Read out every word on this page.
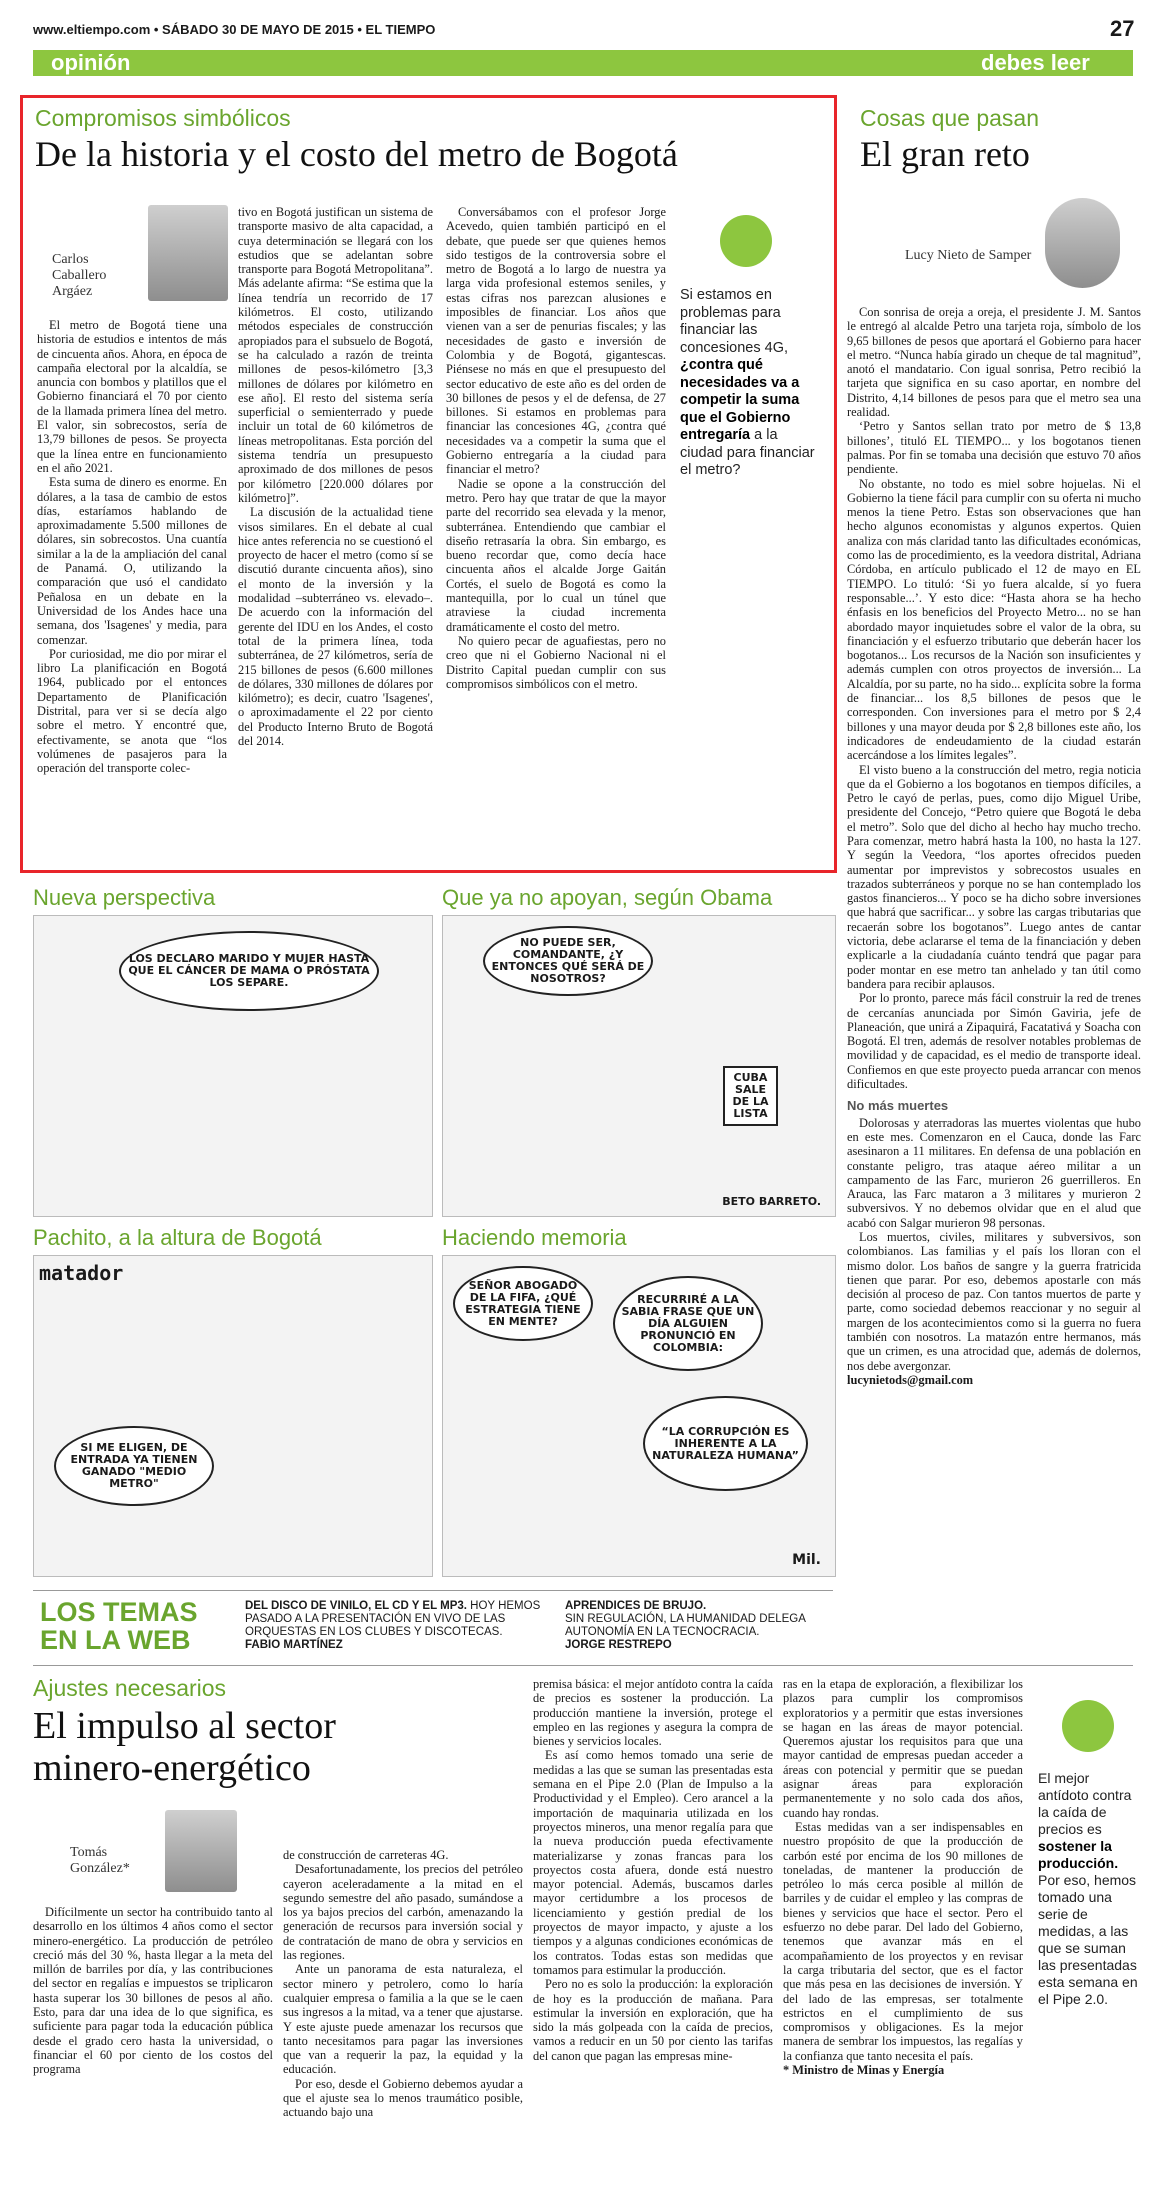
www.eltiempo.com • SÁBADO 30 DE MAYO DE 2015 • EL TIEMPO	27
opinión	debes leer
Compromisos simbólicos
De la historia y el costo del metro de Bogotá
Carlos Caballero Argáez

El metro de Bogotá tiene una historia de estudios e intentos de más de cincuenta años. Ahora, en época de campaña electoral por la alcaldía, se anuncia con bombos y platillos que el Gobierno financiará el 70 por ciento de la llamada primera línea del metro. El valor, sin sobrecostos, sería de 13,79 billones de pesos. Se proyecta que la línea entre en funcionamiento en el año 2021.

Esta suma de dinero es enorme. En dólares, a la tasa de cambio de estos días, estaríamos hablando de aproximadamente 5.500 millones de dólares, sin sobrecostos. Una cuantía similar a la de la ampliación del canal de Panamá. O, utilizando la comparación que usó el candidato Peñalosa en un debate en la Universidad de los Andes hace una semana, dos 'Isagenes' y media, para comenzar.

Por curiosidad, me dio por mirar el libro La planificación en Bogotá 1964, publicado por el entonces Departamento de Planificación Distrital, para ver si se decía algo sobre el metro. Y encontré que, efectivamente, se anota que “los volúmenes de pasajeros para la operación del transporte colec-

tivo en Bogotá justifican un sistema de transporte masivo de alta capacidad, a cuya determinación se llegará con los estudios que se adelantan sobre transporte para Bogotá Metropolitana”. Más adelante afirma: “Se estima que la línea tendría un recorrido de 17 kilómetros. El costo, utilizando métodos especiales de construcción apropiados para el subsuelo de Bogotá, se ha calculado a razón de treinta millones de pesos-kilómetro [3,3 millones de dólares por kilómetro en ese año]. El resto del sistema sería superficial o semienterrado y puede incluir un total de 60 kilómetros de líneas metropolitanas. Esta porción del sistema tendría un presupuesto aproximado de dos millones de pesos por kilómetro [220.000 dólares por kilómetro]”.

La discusión de la actualidad tiene visos similares. En el debate al cual hice antes referencia no se cuestionó el proyecto de hacer el metro (como sí se discutió durante cincuenta años), sino el monto de la inversión y la modalidad –subterráneo vs. elevado–. De acuerdo con la información del gerente del IDU en los Andes, el costo total de la primera línea, toda subterránea, de 27 kilómetros, sería de 215 billones de pesos (6.600 millones de dólares, 330 millones de dólares por kilómetro); es decir, cuatro 'Isagenes', o aproximadamente el 22 por ciento del Producto Interno Bruto de Bogotá del 2014.

Conversábamos con el profesor Jorge Acevedo, quien también participó en el debate, que puede ser que quienes hemos sido testigos de la controversia sobre el metro de Bogotá a lo largo de nuestra ya larga vida profesional estemos seniles, y estas cifras nos parezcan alusiones e imposibles de financiar. Los años que vienen van a ser de penurias fiscales; y las necesidades de gasto e inversión de Colombia y de Bogotá, gigantescas. Piénsese no más en que el presupuesto del sector educativo de este año es del orden de 30 billones de pesos y el de defensa, de 27 billones. Si estamos en problemas para financiar las concesiones 4G, ¿contra qué necesidades va a competir la suma que el Gobierno entregaría a la ciudad para financiar el metro?

Nadie se opone a la construcción del metro. Pero hay que tratar de que la mayor parte del recorrido sea elevada y la menor, subterránea. Entendiendo que cambiar el diseño retrasaría la obra. Sin embargo, es bueno recordar que, como decía hace cincuenta años el alcalde Jorge Gaitán Cortés, el suelo de Bogotá es como la mantequilla, por lo cual un túnel que atraviese la ciudad incrementa dramáticamente el costo del metro.

No quiero pecar de aguafiestas, pero no creo que ni el Gobierno Nacional ni el Distrito Capital puedan cumplir con sus compromisos simbólicos con el metro.

Si estamos en problemas para financiar las concesiones 4G, ¿contra qué necesidades va a competir la suma que el Gobierno entregaría a la ciudad para financiar el metro?
Cosas que pasan
El gran reto
Lucy Nieto de Samper

Con sonrisa de oreja a oreja, el presidente J. M. Santos le entregó al alcalde Petro una tarjeta roja, símbolo de los 9,65 billones de pesos que aportará el Gobierno para hacer el metro. “Nunca había girado un cheque de tal magnitud”, anotó el mandatario. Con igual sonrisa, Petro recibió la tarjeta que significa en su caso aportar, en nombre del Distrito, 4,14 billones de pesos para que el metro sea una realidad.

‘Petro y Santos sellan trato por metro de $ 13,8 billones’, tituló EL TIEMPO... y los bogotanos tienen palmas. Por fin se tomaba una decisión que estuvo 70 años pendiente.

No obstante, no todo es miel sobre hojuelas. Ni el Gobierno la tiene fácil para cumplir con su oferta ni mucho menos la tiene Petro. Estas son observaciones que han hecho algunos economistas y algunos expertos. Quien analiza con más claridad tanto las dificultades económicas, como las de procedimiento, es la veedora distrital, Adriana Córdoba, en artículo publicado el 12 de mayo en EL TIEMPO. Lo tituló: ‘Si yo fuera alcalde, sí yo fuera responsable...’. Y esto dice: “Hasta ahora se ha hecho énfasis en los beneficios del Proyecto Metro... no se han abordado mayor inquietudes sobre el valor de la obra, su financiación y el esfuerzo tributario que deberán hacer los bogotanos... Los recursos de la Nación son insuficientes y además cumplen con otros proyectos de inversión... La Alcaldía, por su parte, no ha sido... explícita sobre la forma de financiar... los 8,5 billones de pesos que le corresponden. Con inversiones para el metro por $ 2,4 billones y una mayor deuda por $ 2,8 billones este año, los indicadores de endeudamiento de la ciudad estarán acercándose a los límites legales”.

El visto bueno a la construcción del metro, regia noticia que da el Gobierno a los bogotanos en tiempos difíciles, a Petro le cayó de perlas, pues, como dijo Miguel Uribe, presidente del Concejo, “Petro quiere que Bogotá le deba el metro”. Solo que del dicho al hecho hay mucho trecho. Para comenzar, metro habrá hasta la 100, no hasta la 127. Y según la Veedora, “los aportes ofrecidos pueden aumentar por imprevistos y sobrecostos usuales en trazados subterráneos y porque no se han contemplado los gastos financieros... Y poco se ha dicho sobre inversiones que habrá que sacrificar... y sobre las cargas tributarias que recaerán sobre los bogotanos”. Luego antes de cantar victoria, debe aclararse el tema de la financiación y deben explicarle a la ciudadanía cuánto tendrá que pagar para poder montar en ese metro tan anhelado y tan útil como bandera para recibir aplausos.

Por lo pronto, parece más fácil construir la red de trenes de cercanías anunciada por Simón Gaviria, jefe de Planeación, que unirá a Zipaquirá, Facatativá y Soacha con Bogotá. El tren, además de resolver notables problemas de movilidad y de capacidad, es el medio de transporte ideal. Confiemos en que este proyecto pueda arrancar con menos dificultades.

No más muertes

Dolorosas y aterradoras las muertes violentas que hubo en este mes. Comenzaron en el Cauca, donde las Farc asesinaron a 11 militares. En defensa de una población en constante peligro, tras ataque aéreo militar a un campamento de las Farc, murieron 26 guerrilleros. En Arauca, las Farc mataron a 3 militares y murieron 2 subversivos. Y no debemos olvidar que en el alud que acabó con Salgar murieron 98 personas.

Los muertos, civiles, militares y subversivos, son colombianos. Las familias y el país los lloran con el mismo dolor. Los baños de sangre y la guerra fratricida tienen que parar. Por eso, debemos apostarle con más decisión al proceso de paz. Con tantos muertos de parte y parte, como sociedad debemos reaccionar y no seguir al margen de los acontecimientos como si la guerra no fuera también con nosotros. La matazón entre hermanos, más que un crimen, es una atrocidad que, además de dolernos, nos debe avergonzar.

lucynietods@gmail.com
Nueva perspectiva
LOS DECLARO MARIDO Y MUJER HASTA QUE EL CÁNCER DE MAMA O PRÓSTATA LOS SEPARE.
Que ya no apoyan, según Obama
NO PUEDE SER, COMANDANTE, ¿Y ENTONCES QUÉ SERÁ DE NOSOTROS?
CUBA SALE DE LA LISTA
BETO BARRETO.
Pachito, a la altura de Bogotá
matador
SI ME ELIGEN, DE ENTRADA YA TIENEN GANADO "MEDIO METRO"
Haciendo memoria
SEÑOR ABOGADO DE LA FIFA, ¿QUÉ ESTRATEGIA TIENE EN MENTE?
RECURRIRÉ A LA SABIA FRASE QUE UN DÍA ALGUIEN PRONUNCIÓ EN COLOMBIA:
“LA CORRUPCIÓN ES INHERENTE A LA NATURALEZA HUMANA”
Mil.
LOS TEMAS
EN LA WEB
DEL DISCO DE VINILO, EL CD Y EL MP3. HOY HEMOS PASADO A LA PRESENTACIÓN EN VIVO DE LAS ORQUESTAS EN LOS CLUBES Y DISCOTECAS.
FABIO MARTÍNEZ
APRENDICES DE BRUJO.
SIN REGULACIÓN, LA HUMANIDAD DELEGA AUTONOMÍA EN LA TECNOCRACIA.
JORGE RESTREPO
Ajustes necesarios
El impulso al sector minero-energético
Tomás González*

Difícilmente un sector ha contribuido tanto al desarrollo en los últimos 4 años como el sector minero-energético. La producción de petróleo creció más del 30 %, hasta llegar a la meta del millón de barriles por día, y las contribuciones del sector en regalías e impuestos se triplicaron hasta superar los 30 billones de pesos al año. Esto, para dar una idea de lo que significa, es suficiente para pagar toda la educación pública desde el grado cero hasta la universidad, o financiar el 60 por ciento de los costos del programa

de construcción de carreteras 4G.

Desafortunadamente, los precios del petróleo cayeron aceleradamente a la mitad en el segundo semestre del año pasado, sumándose a los ya bajos precios del carbón, amenazando la generación de recursos para inversión social y de contratación de mano de obra y servicios en las regiones.

Ante un panorama de esta naturaleza, el sector minero y petrolero, como lo haría cualquier empresa o familia a la que se le caen sus ingresos a la mitad, va a tener que ajustarse. Y este ajuste puede amenazar los recursos que tanto necesitamos para pagar las inversiones que van a requerir la paz, la equidad y la educación.

Por eso, desde el Gobierno debemos ayudar a que el ajuste sea lo menos traumático posible, actuando bajo una

premisa básica: el mejor antídoto contra la caída de precios es sostener la producción. La producción mantiene la inversión, protege el empleo en las regiones y asegura la compra de bienes y servicios locales.

Es así como hemos tomado una serie de medidas a las que se suman las presentadas esta semana en el Pipe 2.0 (Plan de Impulso a la Productividad y el Empleo). Cero arancel a la importación de maquinaria utilizada en los proyectos mineros, una menor regalía para que la nueva producción pueda efectivamente materializarse y zonas francas para los proyectos costa afuera, donde está nuestro mayor potencial. Además, buscamos darles mayor certidumbre a los procesos de licenciamiento y gestión predial de los proyectos de mayor impacto, y ajuste a los tiempos y a algunas condiciones económicas de los contratos. Todas estas son medidas que tomamos para estimular la producción.

Pero no es solo la producción: la exploración de hoy es la producción de mañana. Para estimular la inversión en exploración, que ha sido la más golpeada con la caída de precios, vamos a reducir en un 50 por ciento las tarifas del canon que pagan las empresas mine-

ras en la etapa de exploración, a flexibilizar los plazos para cumplir los compromisos exploratorios y a permitir que estas inversiones se hagan en las áreas de mayor potencial. Queremos ajustar los requisitos para que una mayor cantidad de empresas puedan acceder a áreas con potencial y permitir que se puedan asignar áreas para exploración permanentemente y no solo cada dos años, cuando hay rondas.

Estas medidas van a ser indispensables en nuestro propósito de que la producción de carbón esté por encima de los 90 millones de toneladas, de mantener la producción de petróleo lo más cerca posible al millón de barriles y de cuidar el empleo y las compras de bienes y servicios que hace el sector. Pero el esfuerzo no debe parar. Del lado del Gobierno, tenemos que avanzar más en el acompañamiento de los proyectos y en revisar la carga tributaria del sector, que es el factor que más pesa en las decisiones de inversión. Y del lado de las empresas, ser totalmente estrictos en el cumplimiento de sus compromisos y obligaciones. Es la mejor manera de sembrar los impuestos, las regalías y la confianza que tanto necesita el país.

* Ministro de Minas y Energía
El mejor antídoto contra la caída de precios es sostener la producción. Por eso, hemos tomado una serie de medidas, a las que se suman las presentadas esta semana en el Pipe 2.0.
